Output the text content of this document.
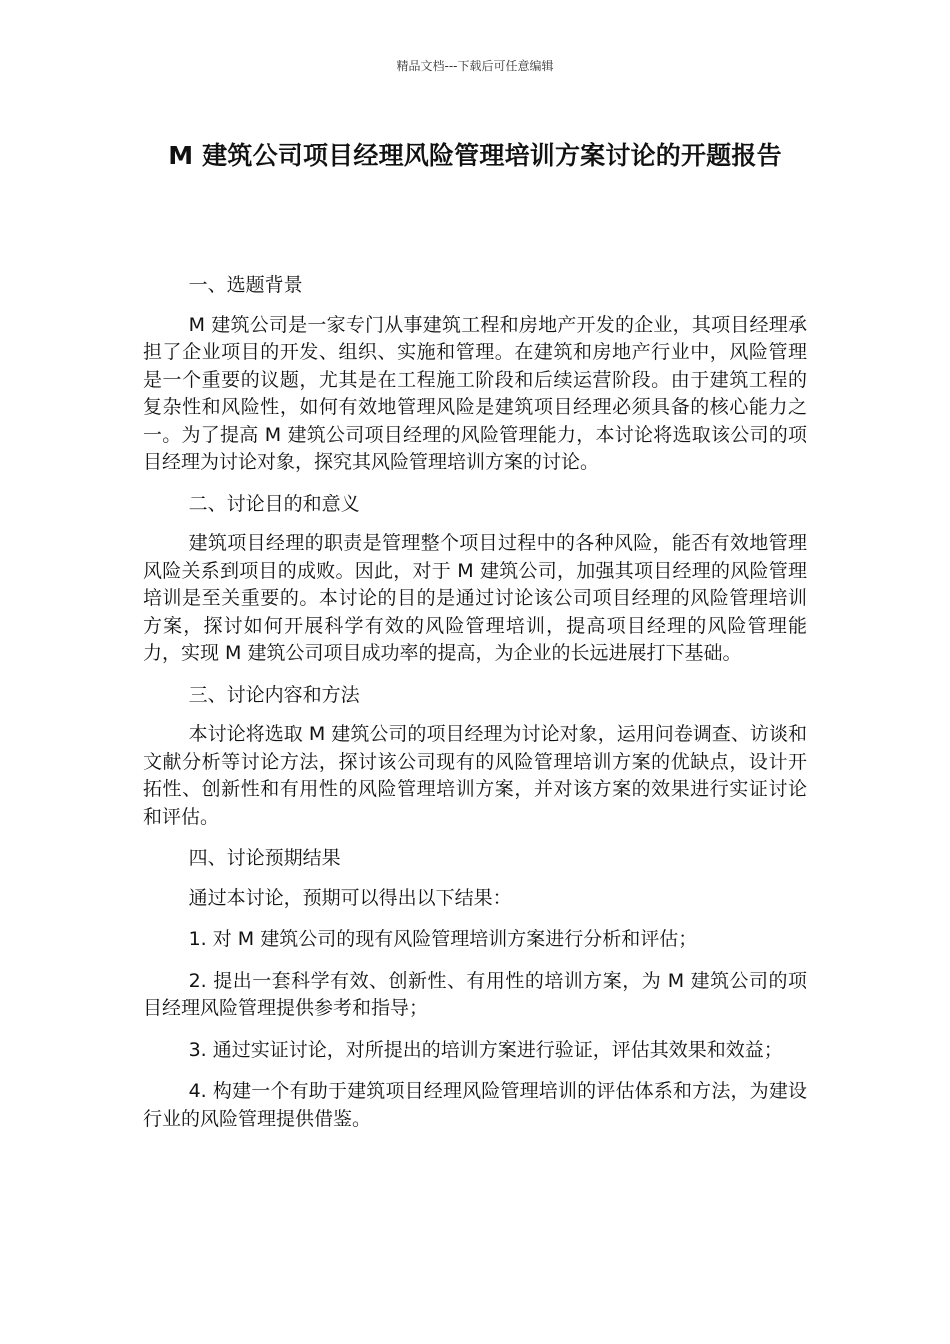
精品文档---下载后可任意编辑
M 建筑公司项目经理风险管理培训方案讨论的开题报告

一、选题背景

M 建筑公司是一家专门从事建筑工程和房地产开发的企业，其项目经理承担了企业项目的开发、组织、实施和管理。在建筑和房地产行业中，风险管理是一个重要的议题，尤其是在工程施工阶段和后续运营阶段。由于建筑工程的复杂性和风险性，如何有效地管理风险是建筑项目经理必须具备的核心能力之一。为了提高 M 建筑公司项目经理的风险管理能力，本讨论将选取该公司的项目经理为讨论对象，探究其风险管理培训方案的讨论。

二、讨论目的和意义

建筑项目经理的职责是管理整个项目过程中的各种风险，能否有效地管理风险关系到项目的成败。因此，对于 M 建筑公司，加强其项目经理的风险管理培训是至关重要的。本讨论的目的是通过讨论该公司项目经理的风险管理培训方案，探讨如何开展科学有效的风险管理培训，提高项目经理的风险管理能力，实现 M 建筑公司项目成功率的提高，为企业的长远进展打下基础。

三、讨论内容和方法

本讨论将选取 M 建筑公司的项目经理为讨论对象，运用问卷调查、访谈和文献分析等讨论方法，探讨该公司现有的风险管理培训方案的优缺点，设计开拓性、创新性和有用性的风险管理培训方案，并对该方案的效果进行实证讨论和评估。

四、讨论预期结果

通过本讨论，预期可以得出以下结果：

1. 对 M 建筑公司的现有风险管理培训方案进行分析和评估；

2. 提出一套科学有效、创新性、有用性的培训方案，为 M 建筑公司的项目经理风险管理提供参考和指导；

3. 通过实证讨论，对所提出的培训方案进行验证，评估其效果和效益；

4. 构建一个有助于建筑项目经理风险管理培训的评估体系和方法，为建设行业的风险管理提供借鉴。
